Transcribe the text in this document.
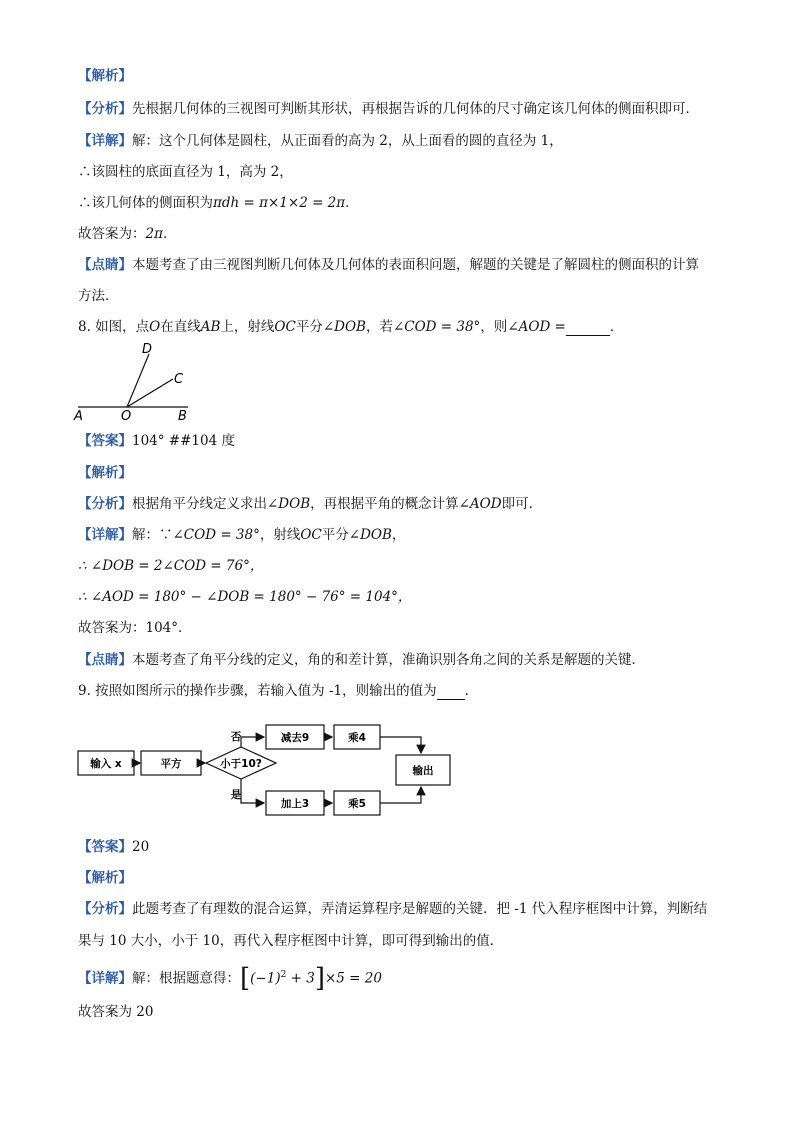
【解析】
【分析】先根据几何体的三视图可判断其形状，再根据告诉的几何体的尺寸确定该几何体的侧面积即可．
【详解】解：这个几何体是圆柱，从正面看的高为 2，从上面看的圆的直径为 1，
∴该圆柱的底面直径为 1，高为 2，
∴该几何体的侧面积为πdh = π×1×2 = 2π．
故答案为：2π．
【点睛】本题考查了由三视图判断几何体及几何体的表面积问题，解题的关键是了解圆柱的侧面积的计算
方法．
8. 如图，点O在直线AB上，射线OC平分∠DOB，若∠COD = 38°，则∠AOD =	．
A	O	B
C
D
【答案】104° ##104 度
【解析】
【分析】根据角平分线定义求出∠DOB，再根据平角的概念计算∠AOD即可．
【详解】解：∵∠COD = 38°，射线OC平分∠DOB，
∴ ∠DOB = 2∠COD = 76°，
∴ ∠AOD = 180° − ∠DOB = 180° − 76° = 104°，
故答案为：104°．
【点睛】本题考查了角平分线的定义，角的和差计算，准确识别各角之间的关系是解题的关键．
9. 按照如图所示的操作步骤，若输入值为 -1，则输出的值为 ．
输入 x	平方	小于10?
否	减去9	乘4
是
加上3	乘5
输出
【答案】20
【解析】
【分析】此题考查了有理数的混合运算，弄清运算程序是解题的关键．把 -1 代入程序框图中计算，判断结
果与 10 大小，小于 10，再代入程序框图中计算，即可得到输出的值．
【详解】解：根据题意得：$[(-1)^2 + 3]\times 5 = 20$
故答案为 20
